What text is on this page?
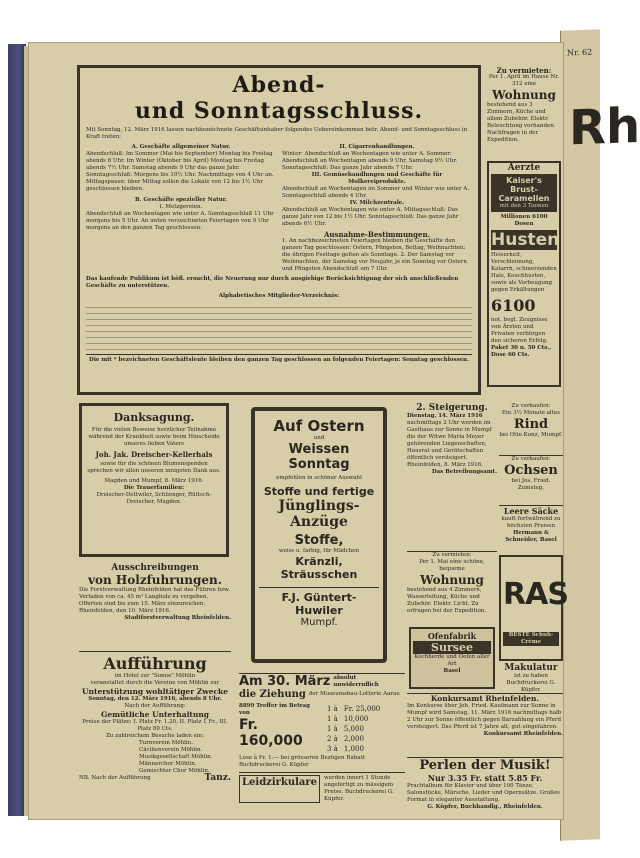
Nr. 62
Rh
Abend-
und Sonntagsschluss.
Mit Sonntag, 12. März 1916 lassen nachbezeichnete Geschäftsinhaber folgendes Uebereinkommen betr. Abend- und Sonntagsschluss in Kraft treten:
A. Geschäfte allgemeiner Natur.
Abendschluß: Im Sommer (Mai bis September) Montag bis Freitag abends 8 Uhr. Im Winter (Oktober bis April) Montag bis Freitag abends 7½ Uhr. Samstag abends 9 Uhr das ganze Jahr.
Sonntagsschluß: Morgens bis 10½ Uhr. Nachmittags von 4 Uhr an.
Mittagspause: über Mittag sollen die Lokale von 12 bis 1½ Uhr geschlossen bleiben.
B. Geschäfte spezieller Natur.
I. Metzgereien.
Abendschluß an Wochentagen wie unter A. Sonntagsschluß 11 Uhr morgens bis 5 Uhr. An unten verzeichneten Feiertagen von 9 Uhr morgens an den ganzen Tag geschlossen.
II. Cigarrenhandlungen.
Winter: Abendschluß an Wochentagen wie unter A. Sommer: Abendschluß an Wochentagen abends 9 Uhr, Samstag 9½ Uhr. Sonntagsschluß: Das ganze Jahr abends 7 Uhr.
III. Gemüsehandlungen und Geschäfte für Molkereiprodukte.
Abendschluß an Wochentagen im Sommer und Winter wie unter A. Sonntagsschluß abends 4 Uhr.
IV. Milchzentrale.
Abendschluß an Wochentagen wie unter A. Mittagsschluß: Das ganze Jahr von 12 bis 1½ Uhr. Sonntagsschluß: Das ganze Jahr abends 6½ Uhr.
Ausnahme-Bestimmungen.
1. An nachbezeichneten Feiertagen bleiben die Geschäfte den ganzen Tag geschlossen: Ostern, Pfingsten, Bettag, Weihnachten; die übrigen Festtage gelten als Sonntage. 2. Der Samstag vor Weihnachten, der Samstag vor Neujahr, je ein Sonntag vor Ostern und Pfingsten Abendschluß um 7 Uhr.
Das kaufende Publikum ist höfl. ersucht, die Neuerung nur durch ausgiebige Berücksichtigung der sich anschließenden Geschäfte zu unterstützen.
Alphabetisches Mitglieder-Verzeichnis:
Die mit * bezeichneten Geschäftsleute bleiben den ganzen Tag geschlossen an folgenden Feiertagen: Sonntag geschlossen.
Zu vermieten:
Per 1. April im Hause Nr. 312 eine
Wohnung
bestehend aus 3 Zimmern, Küche und allem Zubehör. Elektr. Beleuchtung vorhanden. Nachfragen in der Expedition.
Aerzte
Kaiser's Brust-
Caramellen
mit den 3 Tannen
Millionen 6100 Dosen
Husten
Heiserkeit, Verschleimung, Katarrh, schmerzenden Hals, Keuchhusten, sowie als Vorbeugung gegen Erkältungen
6100
not. begl. Zeugnisse von Ärzten und Privaten verbürgen den sicheren Erfolg.
Paket 30 u. 50 Cts., Dose 60 Cts.
Danksagung.
Für die vielen Beweise herzlicher Teilnahme während der Krankheit sowie beim Hinscheide unseres lieben Vaters
Joh. Jak. Dreischer-Kellerhals
sowie für die schönen Blumenspenden sprechen wir allen unseren innigsten Dank aus.
Magden und Mumpf, 8. März 1916.
Die Trauerfamilien:
Dreischer-Dettwiler, Schlienger, Rüttsch-Dreischer, Magden.
Ausschreibungen
von Holzfuhrungen.
Die Forstverwaltung Rheinfelden hat das Führen bzw. Verladen von ca. 45 m³ Langholz zu vergeben.
Offerten sind bis zum 15. März einzureichen.
Rheinfelden, den 10. März 1916.
Stadtforstverwaltung Rheinfelden.
Aufführung
im Hotel zur "Sonne" Möhlin
veranstaltet durch die Vereine von Möhlin zur
Unterstützung wohltätiger Zwecke
Sonntag, den 12. März 1916, abends 8 Uhr.
Nach der Aufführung:
Gemütliche Unterhaltung
Preise der Plätze: I. Platz Fr. 1.20, II. Platz 1 Fr., III. Platz 80 Cts.
Zu zahlreichem Besuche laden ein:
Turnverein Möhlin.
Cäcilienverein Möhlin.
Musikgesellschaft Möhlin.
Männerchor Möhlin.
Gemischter Chor Möhlin.
NB. Nach der Aufführung	Tanz.
Auf Ostern
und
Weissen Sonntag
empfehlen in schöner Auswahl
Stoffe und fertige
Jünglings-Anzüge
Stoffe,
weiss u. farbig, für Mädchen
Kränzli, Sträusschen
F.J. Güntert-Huwiler
Mumpf.
Am 30. März absolut unwiderruflich
die Ziehung der Museumsbau-Lotterie Aarau
8899 Treffer im Betrag von
Fr. 160,000
1 à	Fr. 25,000
1 à	10,000
1 à	5,000
2 à	2,000
3 à	1,000
Lose à Fr. 1.— bei grösseren Bezügen Rabatt
Buchdruckerei G. Küpfer
Leidzirkulare	werden innert 1 Stunde angefertigt zu mässigem Preise. Buchdruckerei G. Küpfer.
2. Steigerung.
Dienstag, 14. März 1916
nachmittags 2 Uhr werden im Gasthaus zur Sonne in Mumpf die der Witwe Maria Meyer gehörenden Liegenschaften, Hausrat und Gerätschaften öffentlich versteigert.
Rheinfelden, 8. März 1916.
Das Betreibungsamt.
Zu verkaufen:
Ein 3½ Monate altes
Rind
bei Otto Kunz, Mumpf.
Zu verkaufen:
Ochsen
bei Jos. Fried. Zumsteg.
Zu vermieten:
Per 1. Mai eine schöne, bequeme
Wohnung
bestehend aus 4 Zimmern, Wasserleitung, Küche und Zubehör. Elektr. Licht. Zu erfragen bei der Expedition.
Leere Säcke
kauft fortwährend zu höchsten Preisen
Hermann & Schneider, Basel
Ofenfabrik
Sursee
Kochherde und Oefen aller Art
Basel
RAS
BESTE Schuh-Crème
Makulatur
ist zu haben Buchdruckerei G. Küpfer.
Konkursamt Rheinfelden.
Im Konkurse über Joh. Fried. Kaufmann zur Sonne in Mumpf wird Samstag, 11. März 1916 nachmittags halb 2 Uhr zur Sonne öffentlich gegen Barzahlung ein Pferd versteigert. Das Pferd ist 7 Jahre alt, gut eingefahren.
Konkursamt Rheinfelden.
Perlen der Musik!
Nur 3.35 Fr. statt 5.85 Fr.
Prachtalbum für Klavier und über 100 Tänze, Salonstücke, Märsche, Lieder und Opernsätze. Großes Format in eleganter Ausstattung.
G. Küpfer, Buchhandlg., Rheinfelden.
